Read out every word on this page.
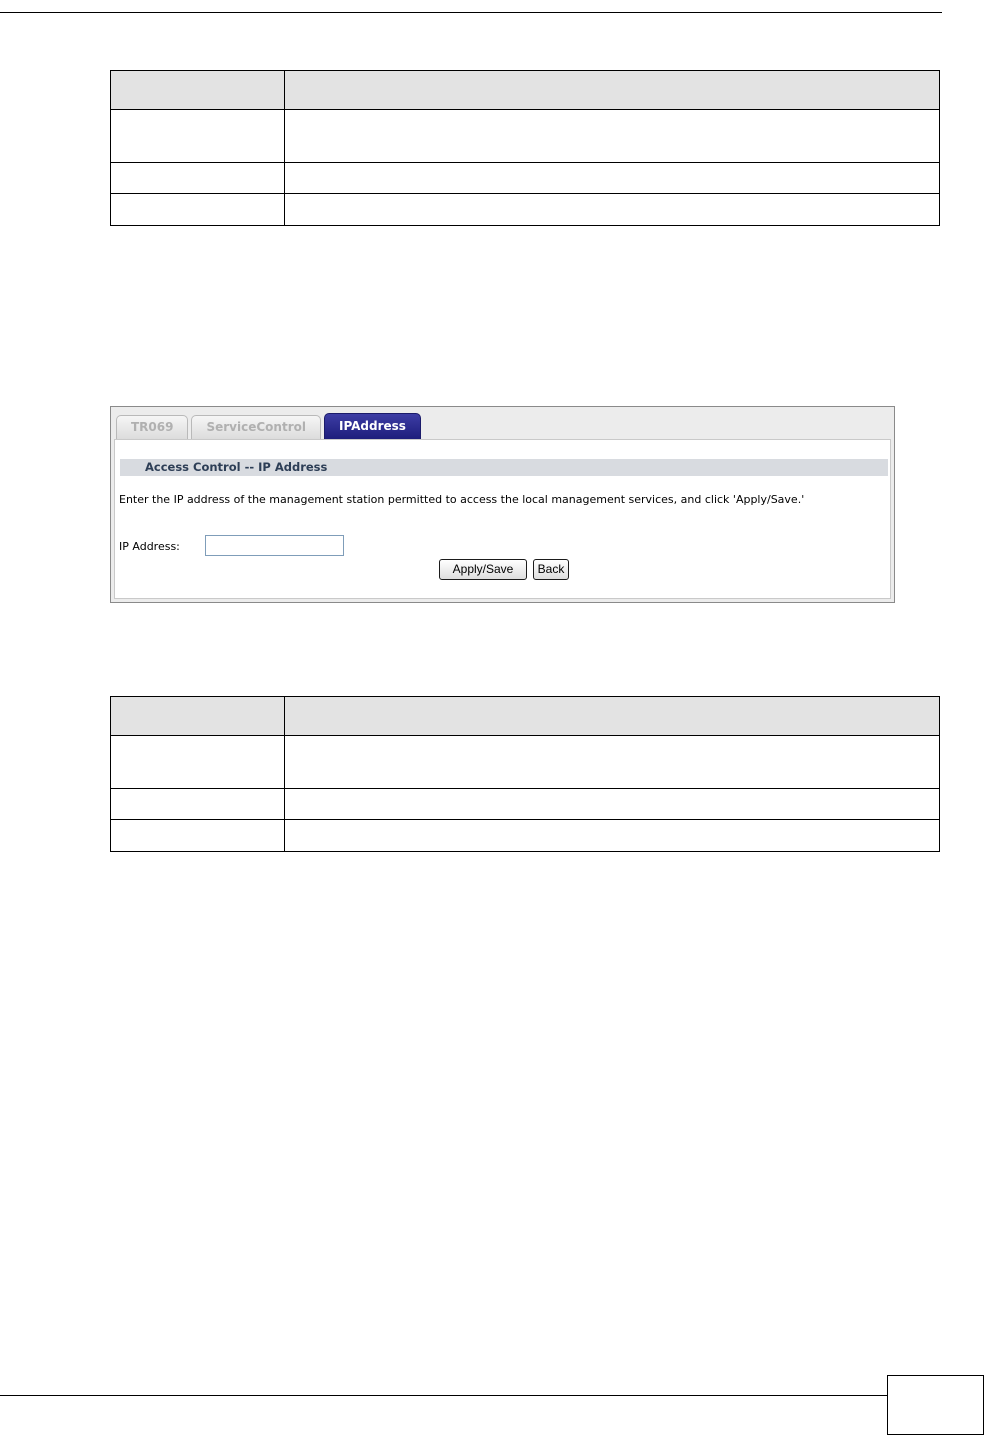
TR069	ServiceControl	IPAddress
Access Control -- IP Address
Enter the IP address of the management station permitted to access the local management services, and click 'Apply/Save.'
IP Address:
Apply/Save	Back
